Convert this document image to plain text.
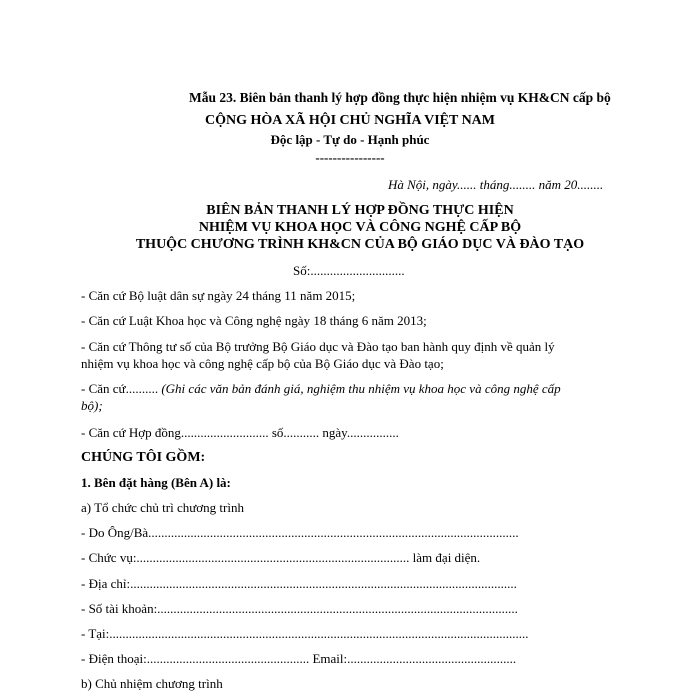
Mẫu 23. Biên bản thanh lý hợp đồng thực hiện nhiệm vụ KH&CN cấp bộ
CỘNG HÒA XÃ HỘI CHỦ NGHĨA VIỆT NAM
Độc lập - Tự do - Hạnh phúc
----------------
Hà Nội, ngày...... tháng........ năm 20........
BIÊN BẢN THANH LÝ HỢP ĐỒNG THỰC HIỆN
NHIỆM VỤ KHOA HỌC VÀ CÔNG NGHỆ CẤP BỘ
THUỘC CHƯƠNG TRÌNH KH&CN CỦA BỘ GIÁO DỤC VÀ ĐÀO TẠO
Số:.............................
- Căn cứ Bộ luật dân sự ngày 24 tháng 11 năm 2015;
- Căn cứ Luật Khoa học và Công nghệ ngày 18 tháng 6 năm 2013;
- Căn cứ Thông tư số của Bộ trưởng Bộ Giáo dục và Đào tạo ban hành quy định về quản lý
nhiệm vụ khoa học và công nghệ cấp bộ của Bộ Giáo dục và Đào tạo;
- Căn cứ.......... (Ghi các văn bản đánh giá, nghiệm thu nhiệm vụ khoa học và công nghệ cấp
bộ);
- Căn cứ Hợp đồng........................... số........... ngày................
CHÚNG TÔI GỒM:
1. Bên đặt hàng (Bên A) là:
a) Tổ chức chủ trì chương trình
- Do Ông/Bà..................................................................................................................
- Chức vụ:.................................................................................... làm đại diện.
- Địa chỉ:.......................................................................................................................
- Số tài khoản:...............................................................................................................
- Tại:.................................................................................................................................
- Điện thoại:.................................................. Email:....................................................
b) Chủ nhiệm chương trình
